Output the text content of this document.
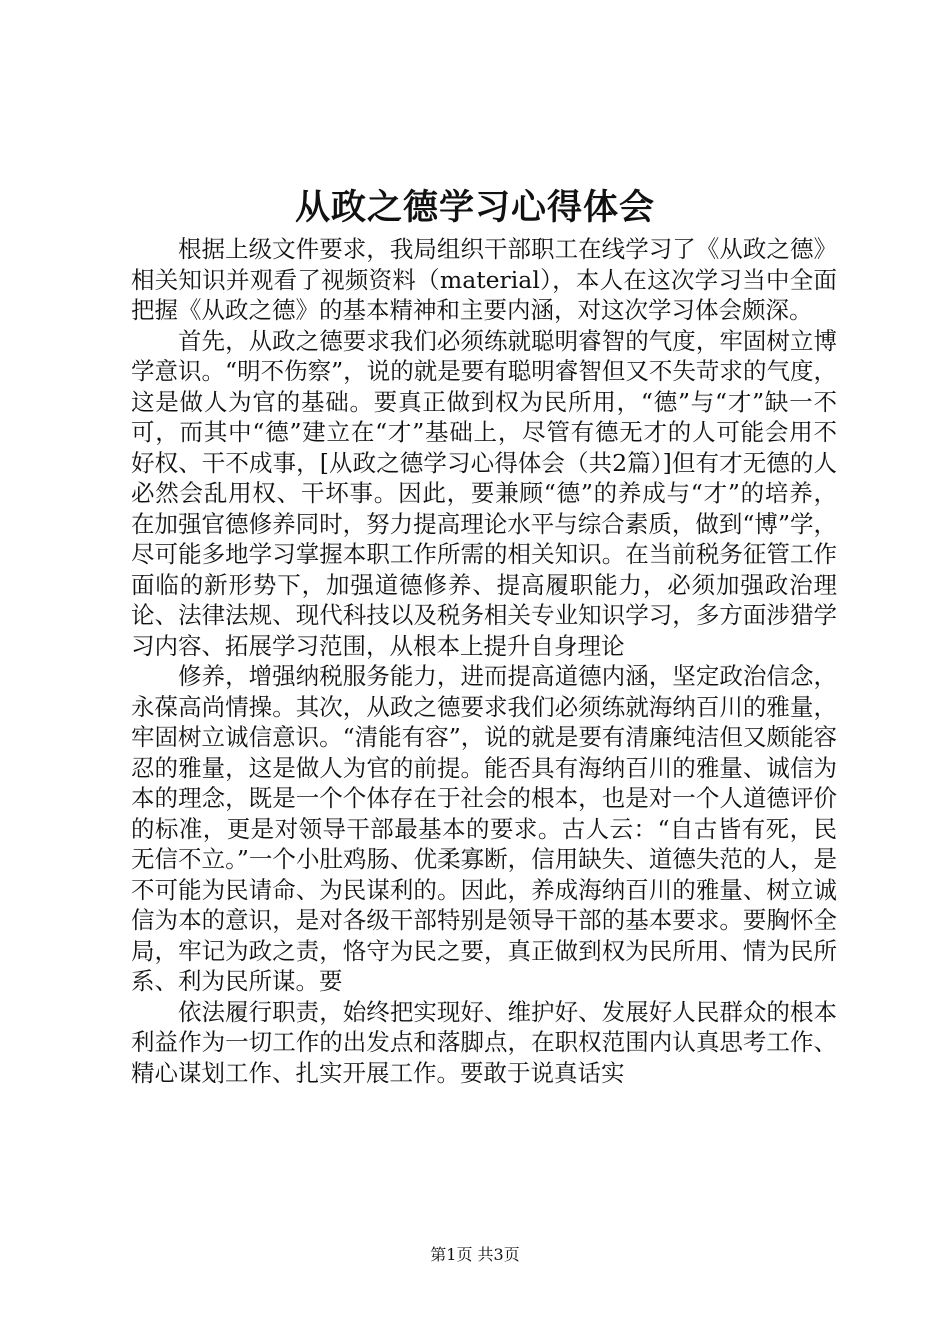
从政之德学习心得体会

根据上级文件要求，我局组织干部职工在线学习了《从政之德》相关知识并观看了视频资料（material），本人在这次学习当中全面把握《从政之德》的基本精神和主要内涵，对这次学习体会颇深。

首先，从政之德要求我们必须练就聪明睿智的气度，牢固树立博学意识。“明不伤察”，说的就是要有聪明睿智但又不失苛求的气度，这是做人为官的基础。要真正做到权为民所用，“德”与“才”缺一不可，而其中“德”建立在“才”基础上，尽管有德无才的人可能会用不好权、干不成事，[从政之德学习心得体会（共2篇）]但有才无德的人必然会乱用权、干坏事。因此，要兼顾“德”的养成与“才”的培养，在加强官德修养同时，努力提高理论水平与综合素质，做到“博”学，尽可能多地学习掌握本职工作所需的相关知识。在当前税务征管工作面临的新形势下，加强道德修养、提高履职能力，必须加强政治理论、法律法规、现代科技以及税务相关专业知识学习，多方面涉猎学习内容、拓展学习范围，从根本上提升自身理论

修养，增强纳税服务能力，进而提高道德内涵，坚定政治信念，永葆高尚情操。其次，从政之德要求我们必须练就海纳百川的雅量，牢固树立诚信意识。“清能有容”，说的就是要有清廉纯洁但又颇能容忍的雅量，这是做人为官的前提。能否具有海纳百川的雅量、诚信为本的理念，既是一个个体存在于社会的根本，也是对一个人道德评价的标准，更是对领导干部最基本的要求。古人云：“自古皆有死，民无信不立。”一个小肚鸡肠、优柔寡断，信用缺失、道德失范的人，是不可能为民请命、为民谋利的。因此，养成海纳百川的雅量、树立诚信为本的意识，是对各级干部特别是领导干部的基本要求。要胸怀全局，牢记为政之责，恪守为民之要，真正做到权为民所用、情为民所系、利为民所谋。要

依法履行职责，始终把实现好、维护好、发展好人民群众的根本利益作为一切工作的出发点和落脚点，在职权范围内认真思考工作、精心谋划工作、扎实开展工作。要敢于说真话实

第1页 共3页
